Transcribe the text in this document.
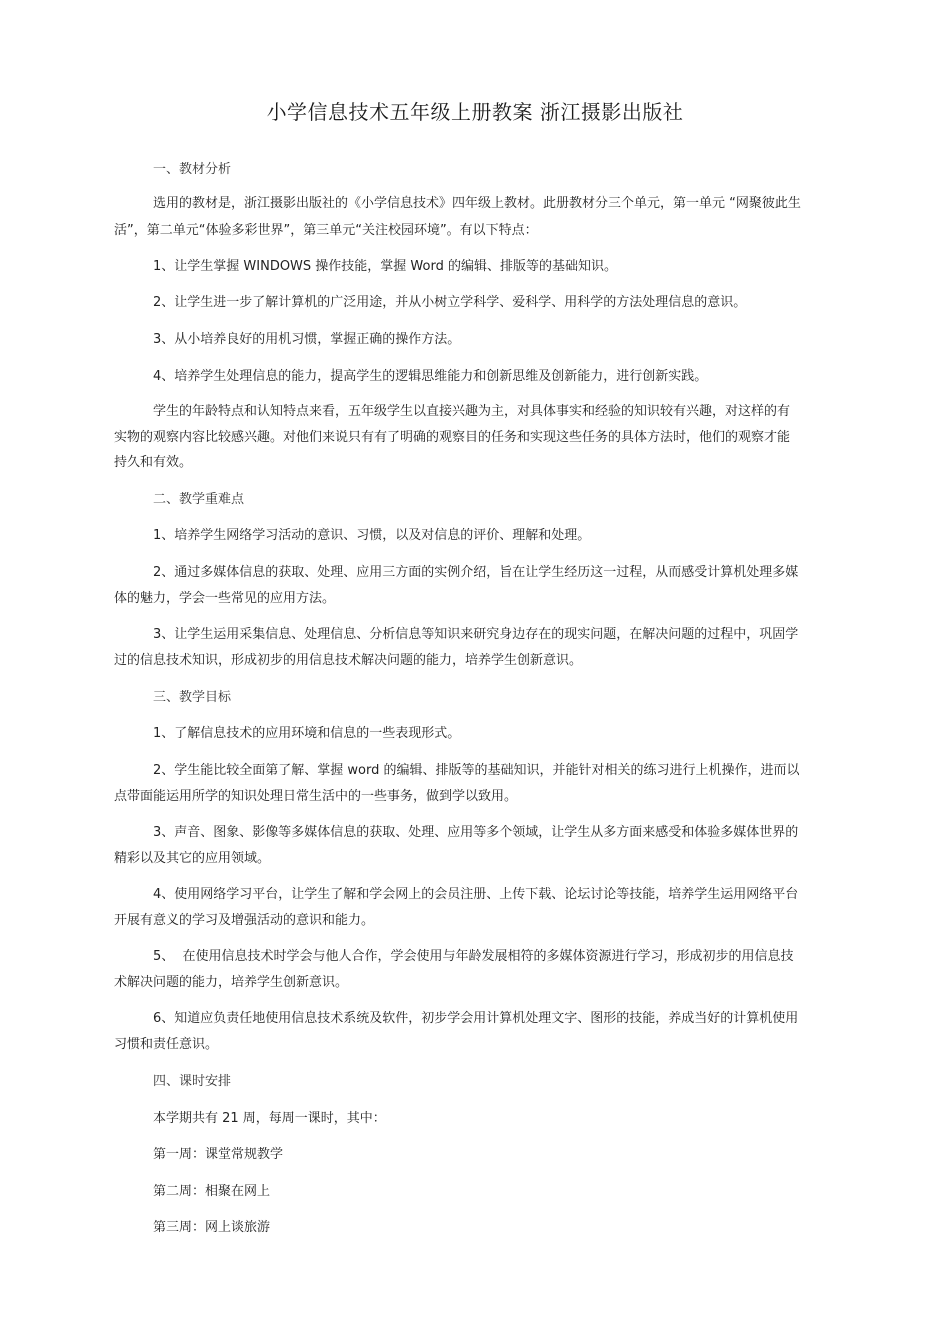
小学信息技术五年级上册教案 浙江摄影出版社
一、教材分析
选用的教材是，浙江摄影出版社的《小学信息技术》四年级上教材。此册教材分三个单元，第一单元 “网聚彼此生
活”，第二单元“体验多彩世界”，第三单元“关注校园环境”。有以下特点：
1、让学生掌握 WINDOWS 操作技能，掌握 Word 的编辑、排版等的基础知识。
2、让学生进一步了解计算机的广泛用途，并从小树立学科学、爱科学、用科学的方法处理信息的意识。
3、从小培养良好的用机习惯，掌握正确的操作方法。
4、培养学生处理信息的能力，提高学生的逻辑思维能力和创新思维及创新能力，进行创新实践。
学生的年龄特点和认知特点来看，五年级学生以直接兴趣为主，对具体事实和经验的知识较有兴趣，对这样的有
实物的观察内容比较感兴趣。对他们来说只有有了明确的观察目的任务和实现这些任务的具体方法时，他们的观察才能
持久和有效。
二、教学重难点
1、培养学生网络学习活动的意识、习惯，以及对信息的评价、理解和处理。
2、通过多媒体信息的获取、处理、应用三方面的实例介绍，旨在让学生经历这一过程，从而感受计算机处理多媒
体的魅力，学会一些常见的应用方法。
3、让学生运用采集信息、处理信息、分析信息等知识来研究身边存在的现实问题，在解决问题的过程中，巩固学
过的信息技术知识，形成初步的用信息技术解决问题的能力，培养学生创新意识。
三、教学目标
1、了解信息技术的应用环境和信息的一些表现形式。
2、学生能比较全面第了解、掌握 word 的编辑、排版等的基础知识，并能针对相关的练习进行上机操作，进而以
点带面能运用所学的知识处理日常生活中的一些事务，做到学以致用。
3、声音、图象、影像等多媒体信息的获取、处理、应用等多个领域，让学生从多方面来感受和体验多媒体世界的
精彩以及其它的应用领域。
4、使用网络学习平台，让学生了解和学会网上的会员注册、上传下载、论坛讨论等技能，培养学生运用网络平台
开展有意义的学习及增强活动的意识和能力。
5、  在使用信息技术时学会与他人合作，学会使用与年龄发展相符的多媒体资源进行学习，形成初步的用信息技
术解决问题的能力，培养学生创新意识。
6、知道应负责任地使用信息技术系统及软件，初步学会用计算机处理文字、图形的技能，养成当好的计算机使用
习惯和责任意识。
四、课时安排
本学期共有 21 周，每周一课时，其中：
第一周：课堂常规教学
第二周：相聚在网上
第三周：网上谈旅游
